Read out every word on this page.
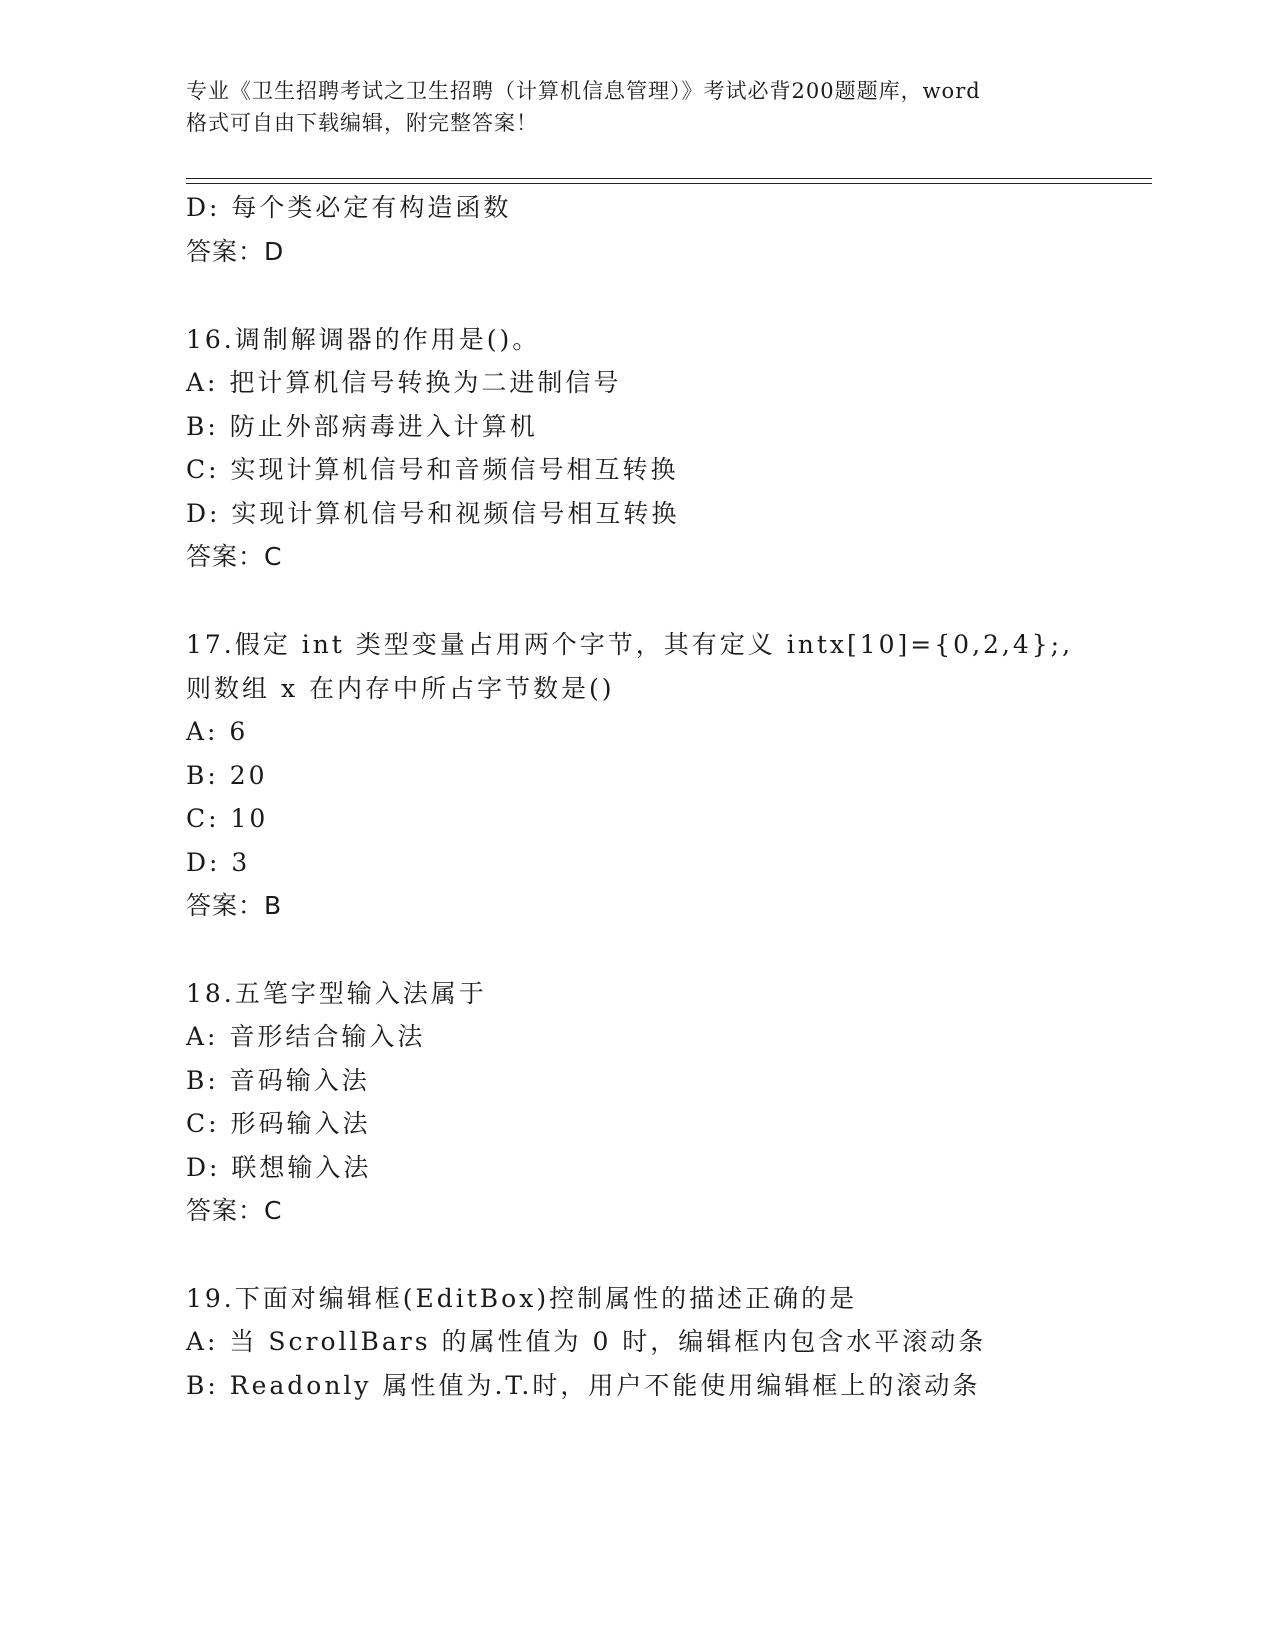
专业《卫生招聘考试之卫生招聘（计算机信息管理）》考试必背200题题库，word
格式可自由下载编辑，附完整答案！
D: 每个类必定有构造函数
答案：D
16.调制解调器的作用是()。
A: 把计算机信号转换为二进制信号
B: 防止外部病毒进入计算机
C: 实现计算机信号和音频信号相互转换
D: 实现计算机信号和视频信号相互转换
答案：C
17.假定 int 类型变量占用两个字节，其有定义 intx[10]={0,2,4};,
则数组 x 在内存中所占字节数是()
A: 6
B: 20
C: 10
D: 3
答案：B
18.五笔字型输入法属于
A: 音形结合输入法
B: 音码输入法
C: 形码输入法
D: 联想输入法
答案：C
19.下面对编辑框(EditBox)控制属性的描述正确的是
A: 当 ScrollBars 的属性值为 0 时，编辑框内包含水平滚动条
B: Readonly 属性值为.T.时，用户不能使用编辑框上的滚动条
